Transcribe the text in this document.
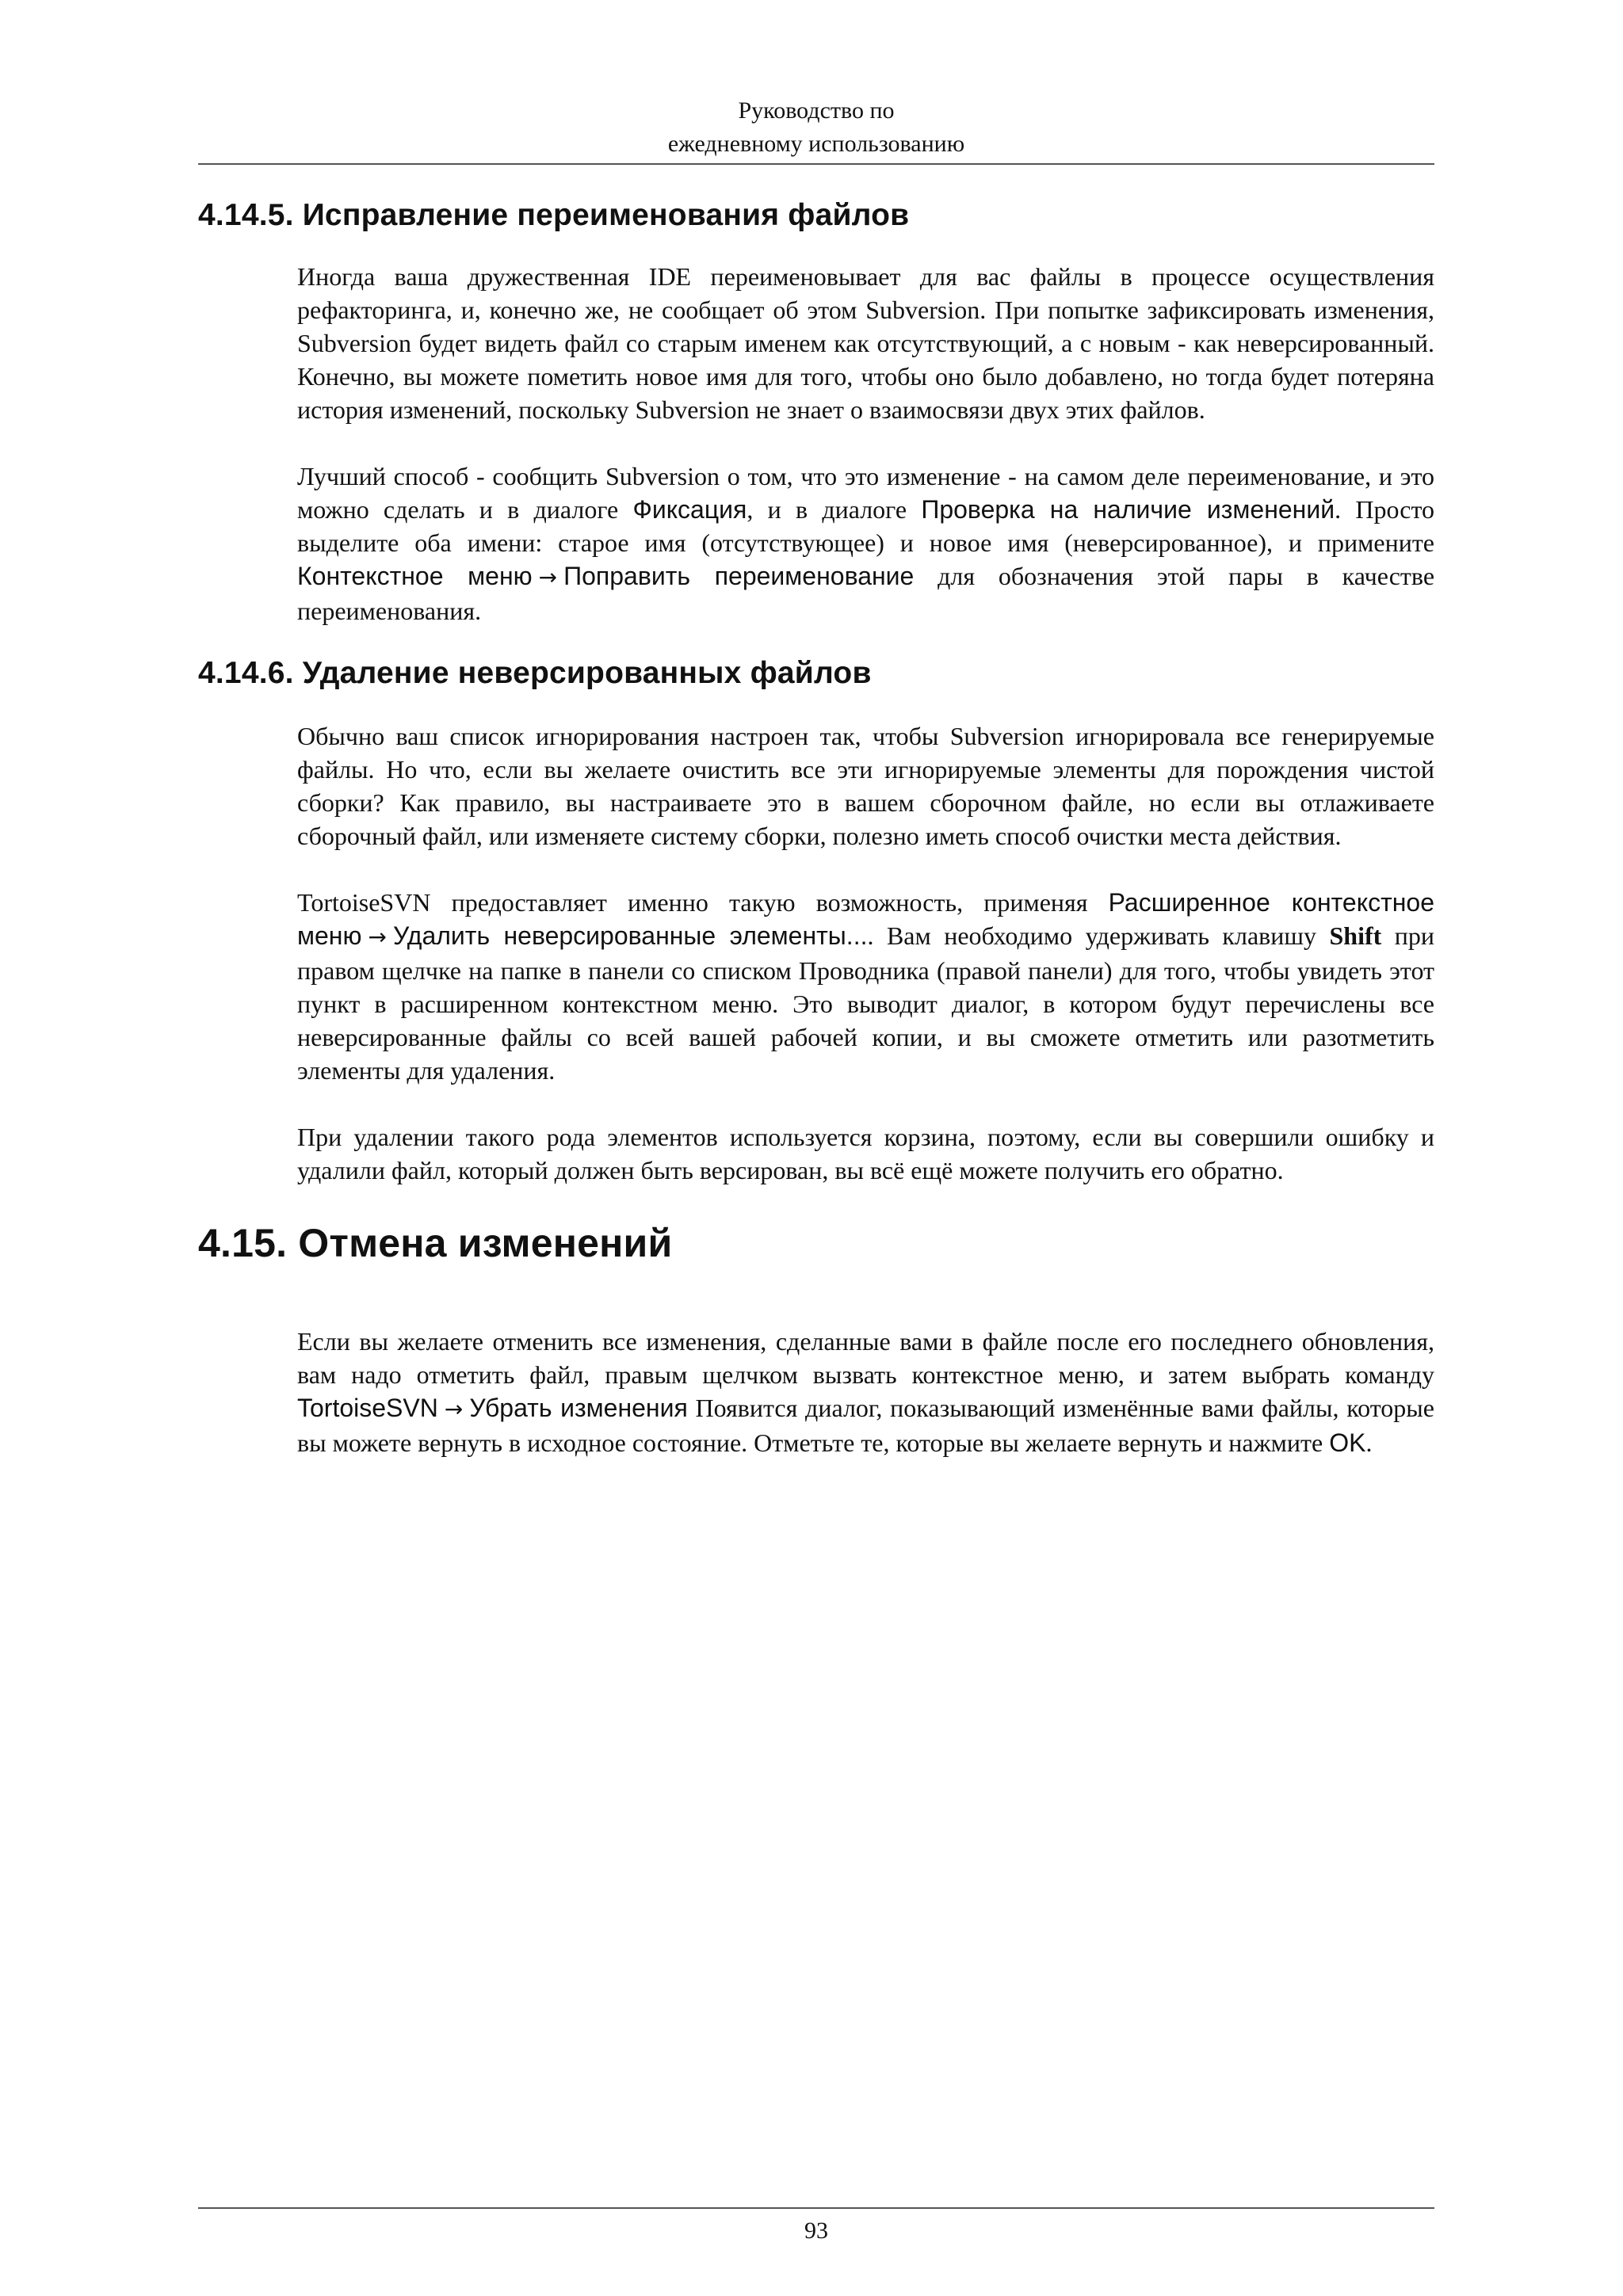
Руководство по
ежедневному использованию
4.14.5. Исправление переименования файлов

Иногда ваша дружественная IDE переименовывает для вас файлы в процессе осуществления рефакторинга, и, конечно же, не сообщает об этом Subversion. При попытке зафиксировать изменения, Subversion будет видеть файл со старым именем как отсутствующий, а с новым - как неверсированный. Конечно, вы можете пометить новое имя для того, чтобы оно было добавлено, но тогда будет потеряна история изменений, поскольку Subversion не знает о взаимосвязи двух этих файлов.

Лучший способ - сообщить Subversion о том, что это изменение - на самом деле переименование, и это можно сделать и в диалоге Фиксация, и в диалоге Проверка на наличие изменений. Просто выделите оба имени: старое имя (отсутствующее) и новое имя (неверсированное), и примените Контекстное меню → Поправить переименование для обозначения этой пары в качестве переименования.

4.14.6. Удаление неверсированных файлов

Обычно ваш список игнорирования настроен так, чтобы Subversion игнорировала все генерируемые файлы. Но что, если вы желаете очистить все эти игнорируемые элементы для порождения чистой сборки? Как правило, вы настраиваете это в вашем сборочном файле, но если вы отлаживаете сборочный файл, или изменяете систему сборки, полезно иметь способ очистки места действия.

TortoiseSVN предоставляет именно такую возможность, применяя Расширенное контекстное меню → Удалить неверсированные элементы.... Вам необходимо удерживать клавишу Shift при правом щелчке на папке в панели со списком Проводника (правой панели) для того, чтобы увидеть этот пункт в расширенном контекстном меню. Это выводит диалог, в котором будут перечислены все неверсированные файлы со всей вашей рабочей копии, и вы сможете отметить или разотметить элементы для удаления.

При удалении такого рода элементов используется корзина, поэтому, если вы совершили ошибку и удалили файл, который должен быть версирован, вы всё ещё можете получить его обратно.

4.15. Отмена изменений

Если вы желаете отменить все изменения, сделанные вами в файле после его последнего обновления, вам надо отметить файл, правым щелчком вызвать контекстное меню, и затем выбрать команду TortoiseSVN → Убрать изменения Появится диалог, показывающий изменённые вами файлы, которые вы можете вернуть в исходное состояние. Отметьте те, которые вы желаете вернуть и нажмите OK.

93
